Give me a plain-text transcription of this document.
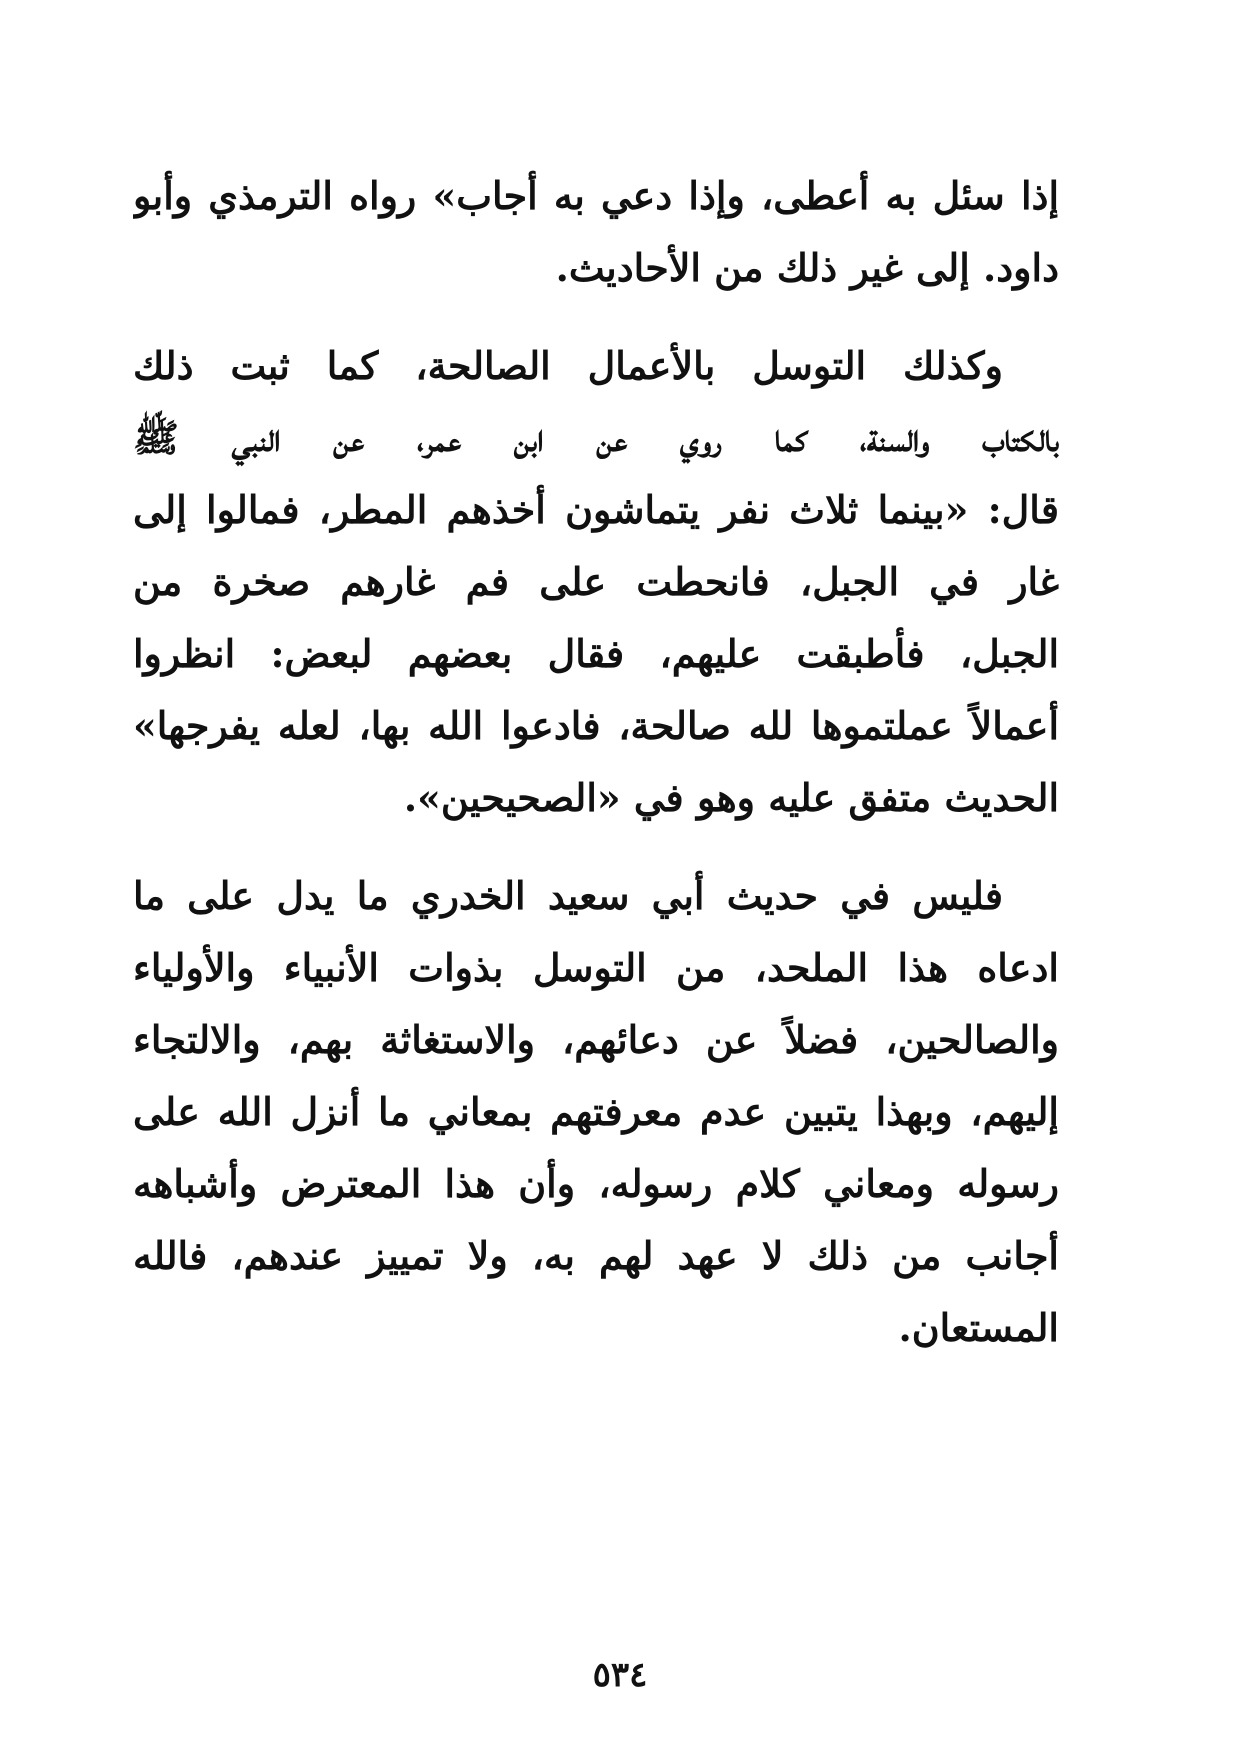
إذا سئل به أعطى، وإذا دعي به أجاب» رواه الترمذي وأبو
داود. إلى غير ذلك من الأحاديث.
وكذلك التوسل بالأعمال الصالحة، كما ثبت ذلك
بالكتاب والسنة، كما روي عن ابن عمر، عن النبي ﷺ
قال: «بينما ثلاث نفر يتماشون أخذهم المطر، فمالوا إلى
غار في الجبل، فانحطت على فم غارهم صخرة من
الجبل، فأطبقت عليهم، فقال بعضهم لبعض: انظروا
أعمالاً عملتموها لله صالحة، فادعوا الله بها، لعله يفرجها»
الحديث متفق عليه وهو في «الصحيحين».
فليس في حديث أبي سعيد الخدري ما يدل على ما
ادعاه هذا الملحد، من التوسل بذوات الأنبياء والأولياء
والصالحين، فضلاً عن دعائهم، والاستغاثة بهم، والالتجاء
إليهم، وبهذا يتبين عدم معرفتهم بمعاني ما أنزل الله على
رسوله ومعاني كلام رسوله، وأن هذا المعترض وأشباهه
أجانب من ذلك لا عهد لهم به، ولا تمييز عندهم، فالله
المستعان.
٥٣٤
